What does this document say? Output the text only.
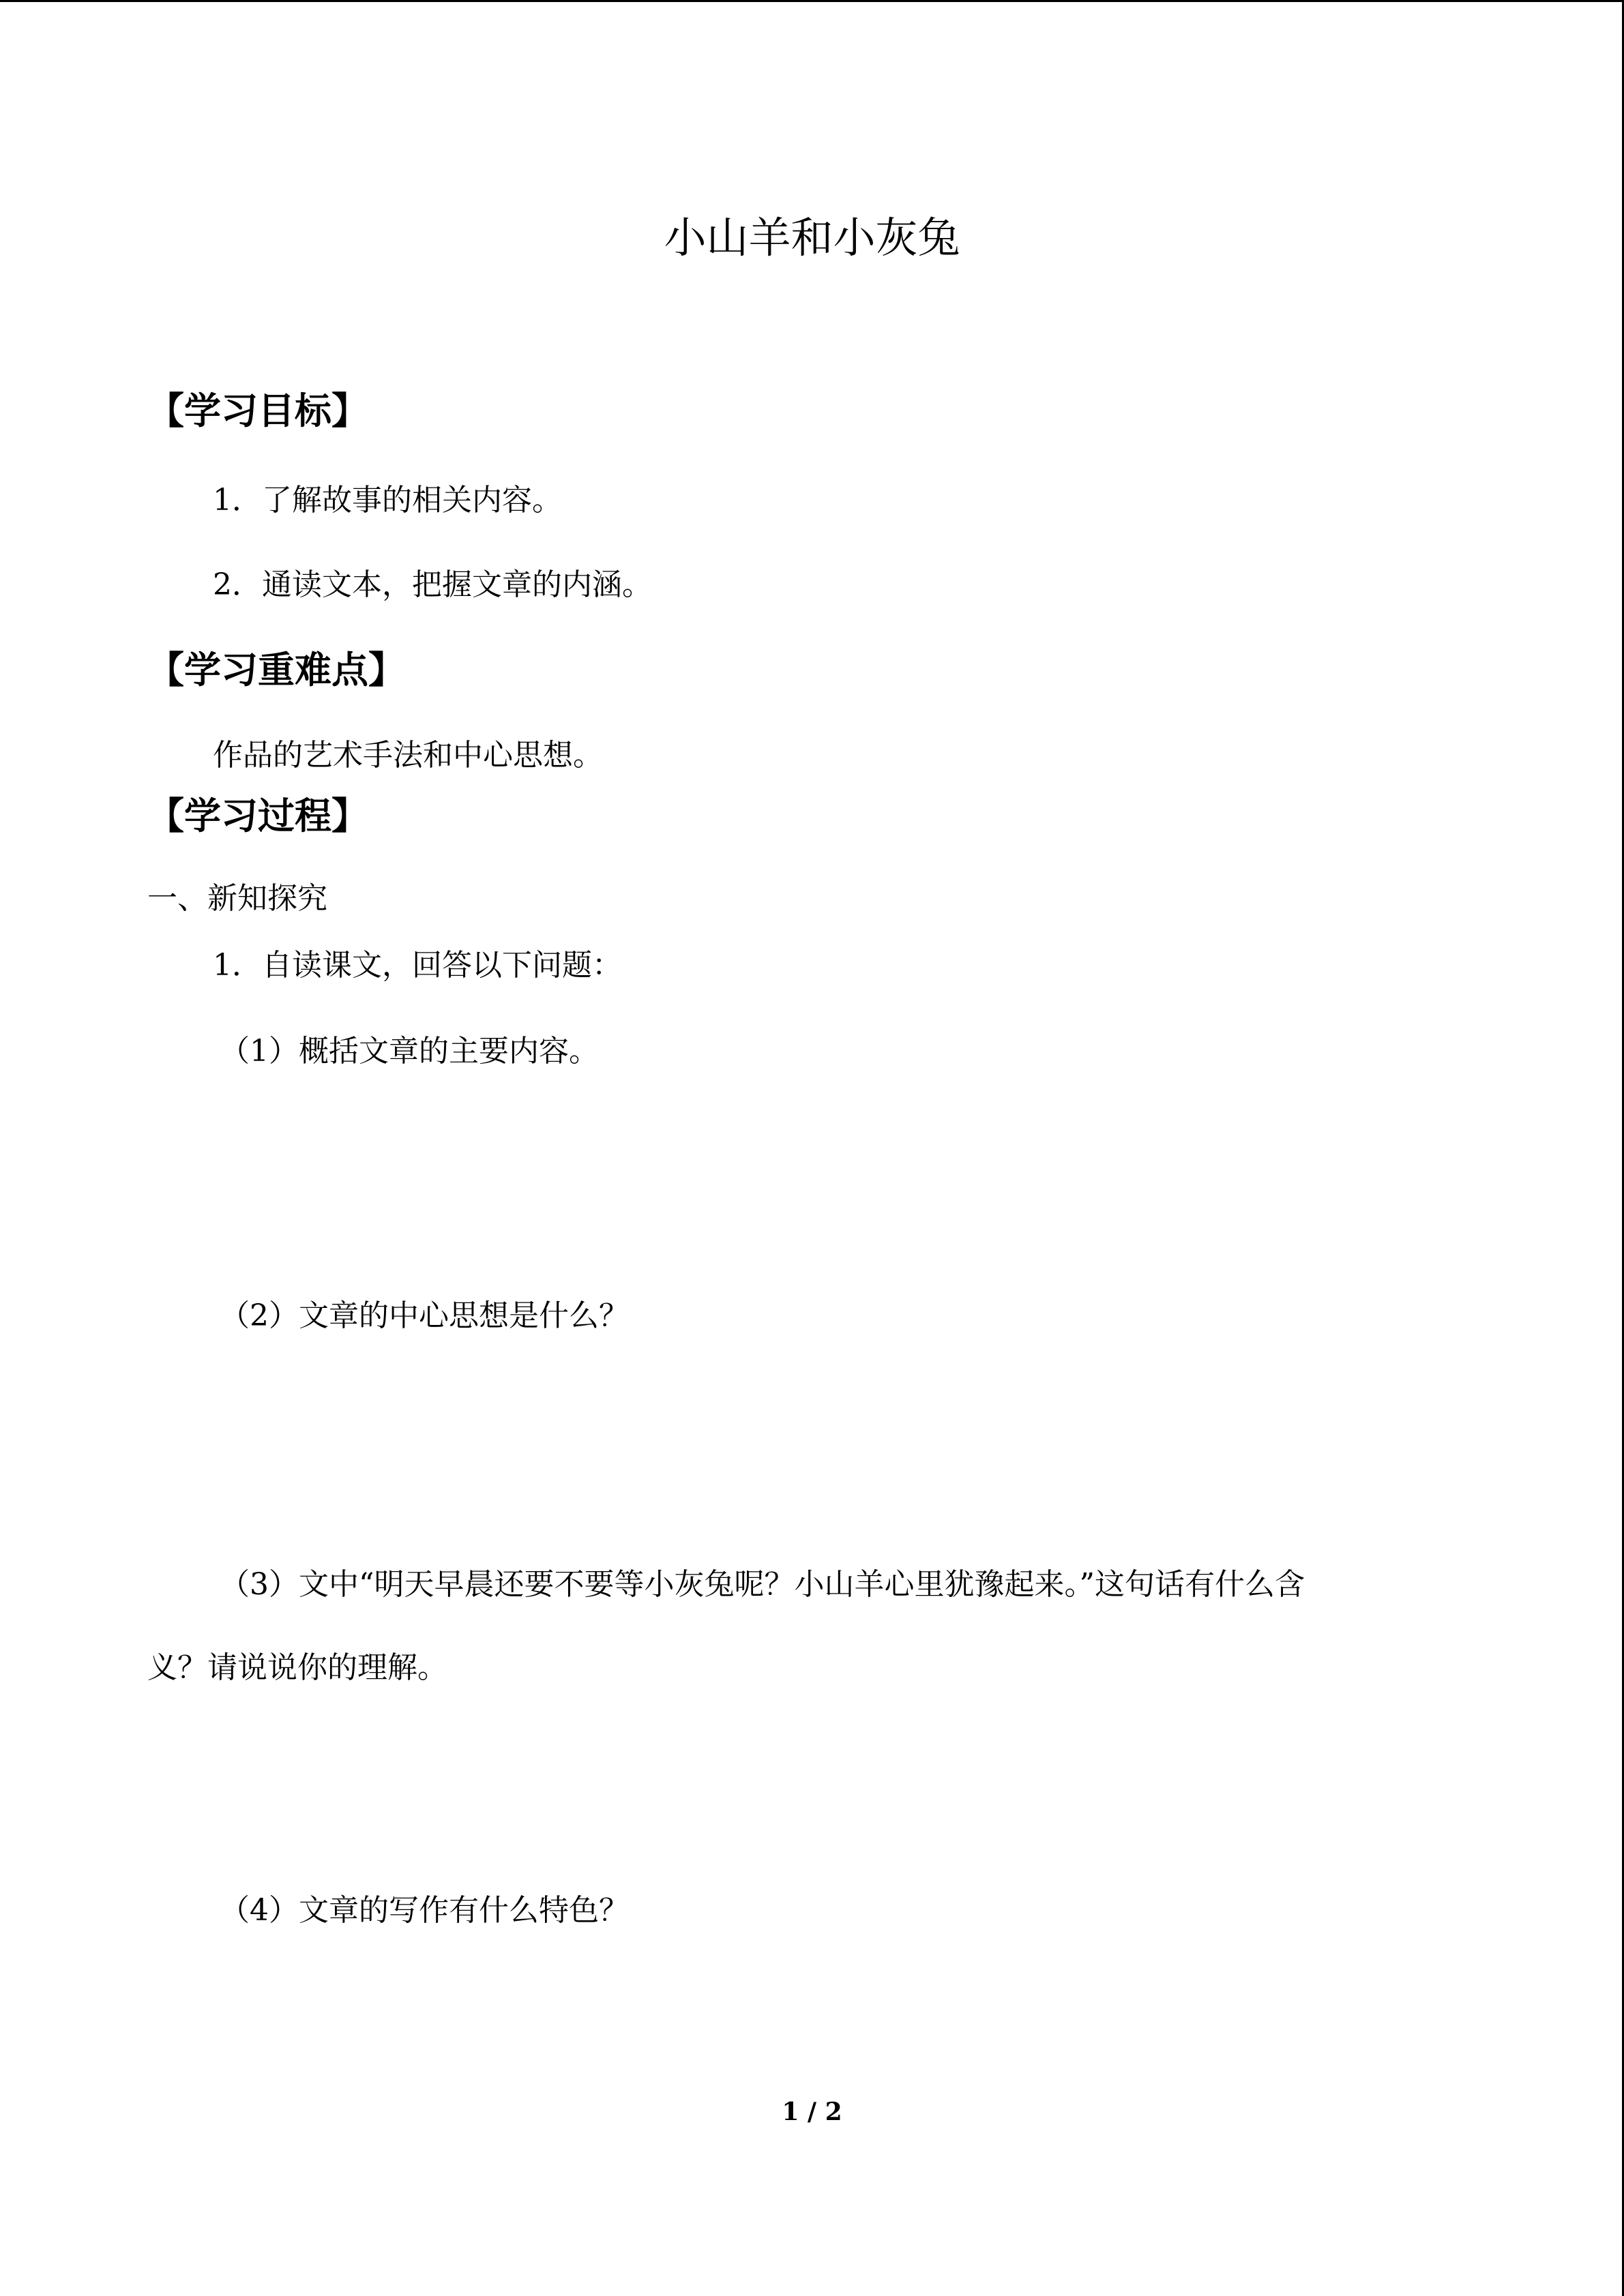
小山羊和小灰兔
【学习目标】
1．了解故事的相关内容。
2．通读文本，把握文章的内涵。
【学习重难点】
作品的艺术手法和中心思想。
【学习过程】
一、新知探究
1．自读课文，回答以下问题：
（1）概括文章的主要内容。
（2）文章的中心思想是什么？
（3）文中“明天早晨还要不要等小灰兔呢？小山羊心里犹豫起来。”这句话有什么含
义？请说说你的理解。
（4）文章的写作有什么特色？
1 / 2
